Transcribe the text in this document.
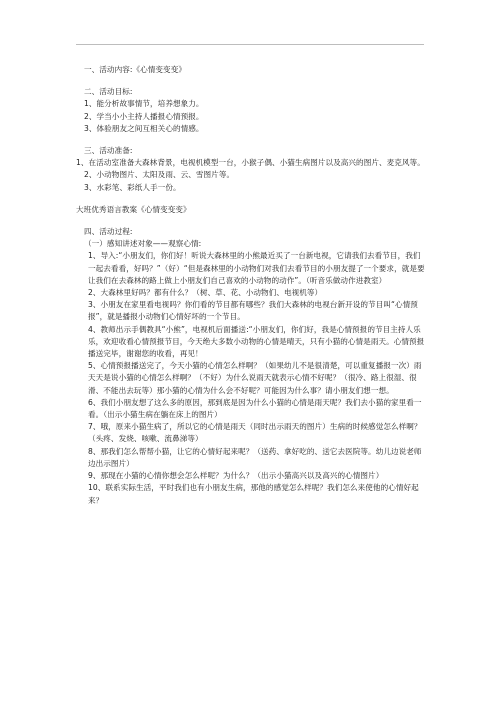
一、活动内容:《心情变变变》

二、活动目标:

1、能分析故事情节，培养想象力。

2、学当小小主持人播报心情预报。

3、体验朋友之间互相关心的情感。

三、活动准备:

1、在活动室准备大森林背景，电视机模型一台，小猴子偶、小猫生病图片以及高兴的图片、麦克风等。

2、小动物图片、太阳及雨、云、雪图片等。

3、水彩笔、彩纸人手一份。

大班优秀语言教案《心情变变变》

四、活动过程:

（一）感知讲述对象——观察心情:

1、导入:“小朋友们，你们好！听说大森林里的小熊最近买了一台新电视，它请我们去看节目，我们一起去看看，好吗？”（好）“但是森林里的小动物们对我们去看节目的小朋友提了一个要求，就是要让我们在去森林的路上做上小朋友们自己喜欢的小动物的动作”。（听音乐做动作进教室）

2、大森林里好吗？都有什么？（树、草、花、小动物们、电视机等）

3、小朋友在家里看电视吗？你们看的节目都有哪些？我们大森林的电视台新开设的节目叫“心情预报”，就是播报小动物们心情好坏的一个节目。

4、教师出示手偶教具“小熊”，电视机后面播送:“小朋友们，你们好，我是心情预报的节目主持人乐乐，欢迎收看心情预报节目，今天绝大多数小动物的心情是晴天，只有小猫的心情是雨天。心情预报播送完毕，谢谢您的收看，再见！

5、心情预报播送完了，今天小猫的心情怎么样啊？（如果幼儿不是很清楚，可以重复播报一次）雨天天是说小猫的心情怎么样啊？（不好）为什么说雨天就表示心情不好呢？（很冷、路上很湿、很滑、不能出去玩等）那小猫的心情为什么会不好呢？可能因为什么事？请小朋友们想一想。

6、我们小朋友想了这么多的原因，那到底是因为什么小猫的心情是雨天呢？我们去小猫的家里看一看。（出示小猫生病在躺在床上的图片）

7、哦，原来小猫生病了，所以它的心情是雨天（同时出示雨天的图片）生病的时候感觉怎么样啊？（头疼、发烧、咳嗽、流鼻涕等）

8、那我们怎么帮帮小猫，让它的心情好起来呢？（送药、拿好吃的、送它去医院等。幼儿边说老师边出示图片）

9、那现在小猫的心情你想会怎么样呢？为什么？（出示小猫高兴以及高兴的心情图片）

10、联系实际生活，平时我们也有小朋友生病，那他的感觉怎么样呢？我们怎么来使他的心情好起来？
